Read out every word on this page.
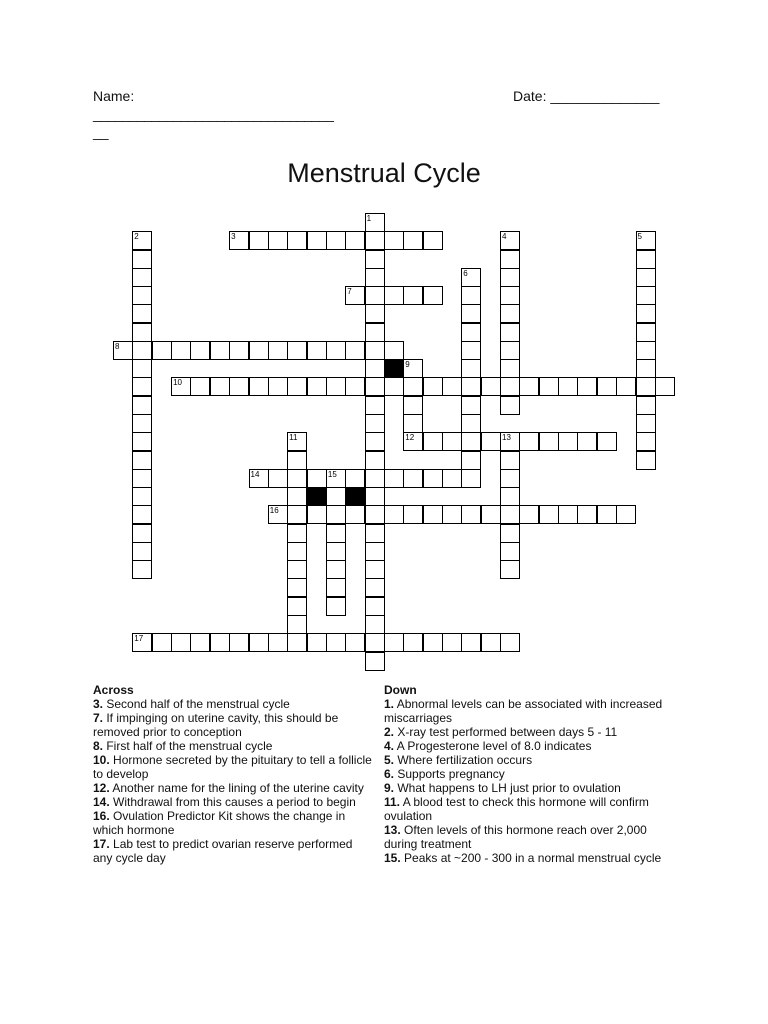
Name:
_________________________________
__
Date: ______________
Menstrual Cycle
3
7
8
10
12	13
14	15
16
17
1
2	4	5
6
9
11
Across
3. Second half of the menstrual cycle
7. If impinging on uterine cavity, this should be removed prior to conception
8. First half of the menstrual cycle
10. Hormone secreted by the pituitary to tell a follicle to develop
12. Another name for the lining of the uterine cavity
14. Withdrawal from this causes a period to begin
16. Ovulation Predictor Kit shows the change in which hormone
17. Lab test to predict ovarian reserve performed any cycle day
Down
1. Abnormal levels can be associated with increased miscarriages
2. X-ray test performed between days 5 - 11
4. A Progesterone level of 8.0 indicates
5. Where fertilization occurs
6. Supports pregnancy
9. What happens to LH just prior to ovulation
11. A blood test to check this hormone will confirm ovulation
13. Often levels of this hormone reach over 2,000 during treatment
15. Peaks at ~200 - 300 in a normal menstrual cycle
